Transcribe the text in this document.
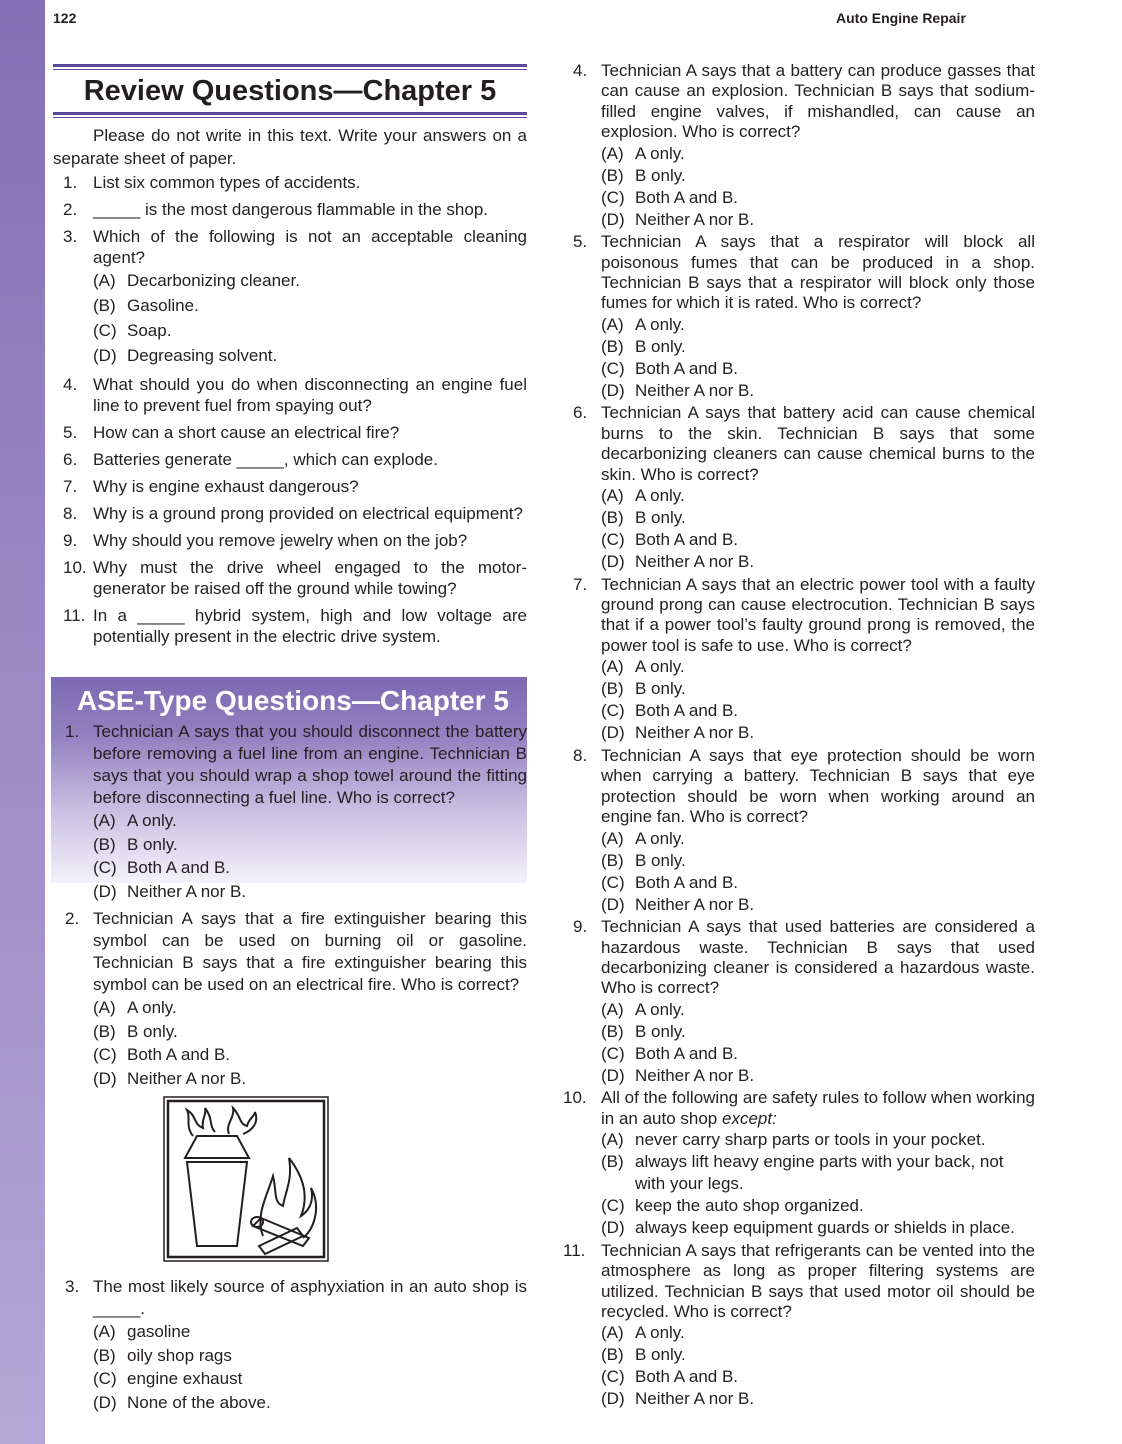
122	Auto Engine Repair
Review Questions—Chapter 5
Please do not write in this text. Write your answers on a separate sheet of paper.
1. List six common types of accidents.
2. _____ is the most dangerous flammable in the shop.
3. Which of the following is not an acceptable cleaning agent?
(A) Decarbonizing cleaner.
(B) Gasoline.
(C) Soap.
(D) Degreasing solvent.
4. What should you do when disconnecting an engine fuel line to prevent fuel from spaying out?
5. How can a short cause an electrical fire?
6. Batteries generate _____, which can explode.
7. Why is engine exhaust dangerous?
8. Why is a ground prong provided on electrical equipment?
9. Why should you remove jewelry when on the job?
10. Why must the drive wheel engaged to the motor-generator be raised off the ground while towing?
11. In a _____ hybrid system, high and low voltage are potentially present in the electric drive system.
ASE-Type Questions—Chapter 5
1. Technician A says that you should disconnect the battery before removing a fuel line from an engine. Technician B says that you should wrap a shop towel around the fitting before disconnecting a fuel line. Who is correct?
(A) A only.
(B) B only.
(C) Both A and B.
(D) Neither A nor B.
2. Technician A says that a fire extinguisher bearing this symbol can be used on burning oil or gasoline. Technician B says that a fire extinguisher bearing this symbol can be used on an electrical fire. Who is correct?
(A) A only.
(B) B only.
(C) Both A and B.
(D) Neither A nor B.
3. The most likely source of asphyxiation in an auto shop is _____.
(A) gasoline
(B) oily shop rags
(C) engine exhaust
(D) None of the above.
4. Technician A says that a battery can produce gasses that can cause an explosion. Technician B says that sodium-filled engine valves, if mishandled, can cause an explosion. Who is correct?
(A) A only.
(B) B only.
(C) Both A and B.
(D) Neither A nor B.
5. Technician A says that a respirator will block all poisonous fumes that can be produced in a shop. Technician B says that a respirator will block only those fumes for which it is rated. Who is correct?
(A) A only.
(B) B only.
(C) Both A and B.
(D) Neither A nor B.
6. Technician A says that battery acid can cause chemical burns to the skin. Technician B says that some decarbonizing cleaners can cause chemical burns to the skin. Who is correct?
(A) A only.
(B) B only.
(C) Both A and B.
(D) Neither A nor B.
7. Technician A says that an electric power tool with a faulty ground prong can cause electrocution. Technician B says that if a power tool’s faulty ground prong is removed, the power tool is safe to use. Who is correct?
(A) A only.
(B) B only.
(C) Both A and B.
(D) Neither A nor B.
8. Technician A says that eye protection should be worn when carrying a battery. Technician B says that eye protection should be worn when working around an engine fan. Who is correct?
(A) A only.
(B) B only.
(C) Both A and B.
(D) Neither A nor B.
9. Technician A says that used batteries are considered a hazardous waste. Technician B says that used decarbonizing cleaner is considered a hazardous waste. Who is correct?
(A) A only.
(B) B only.
(C) Both A and B.
(D) Neither A nor B.
10. All of the following are safety rules to follow when working in an auto shop except:
(A) never carry sharp parts or tools in your pocket.
(B) always lift heavy engine parts with your back, not with your legs.
(C) keep the auto shop organized.
(D) always keep equipment guards or shields in place.
11. Technician A says that refrigerants can be vented into the atmosphere as long as proper filtering systems are utilized. Technician B says that used motor oil should be recycled. Who is correct?
(A) A only.
(B) B only.
(C) Both A and B.
(D) Neither A nor B.
